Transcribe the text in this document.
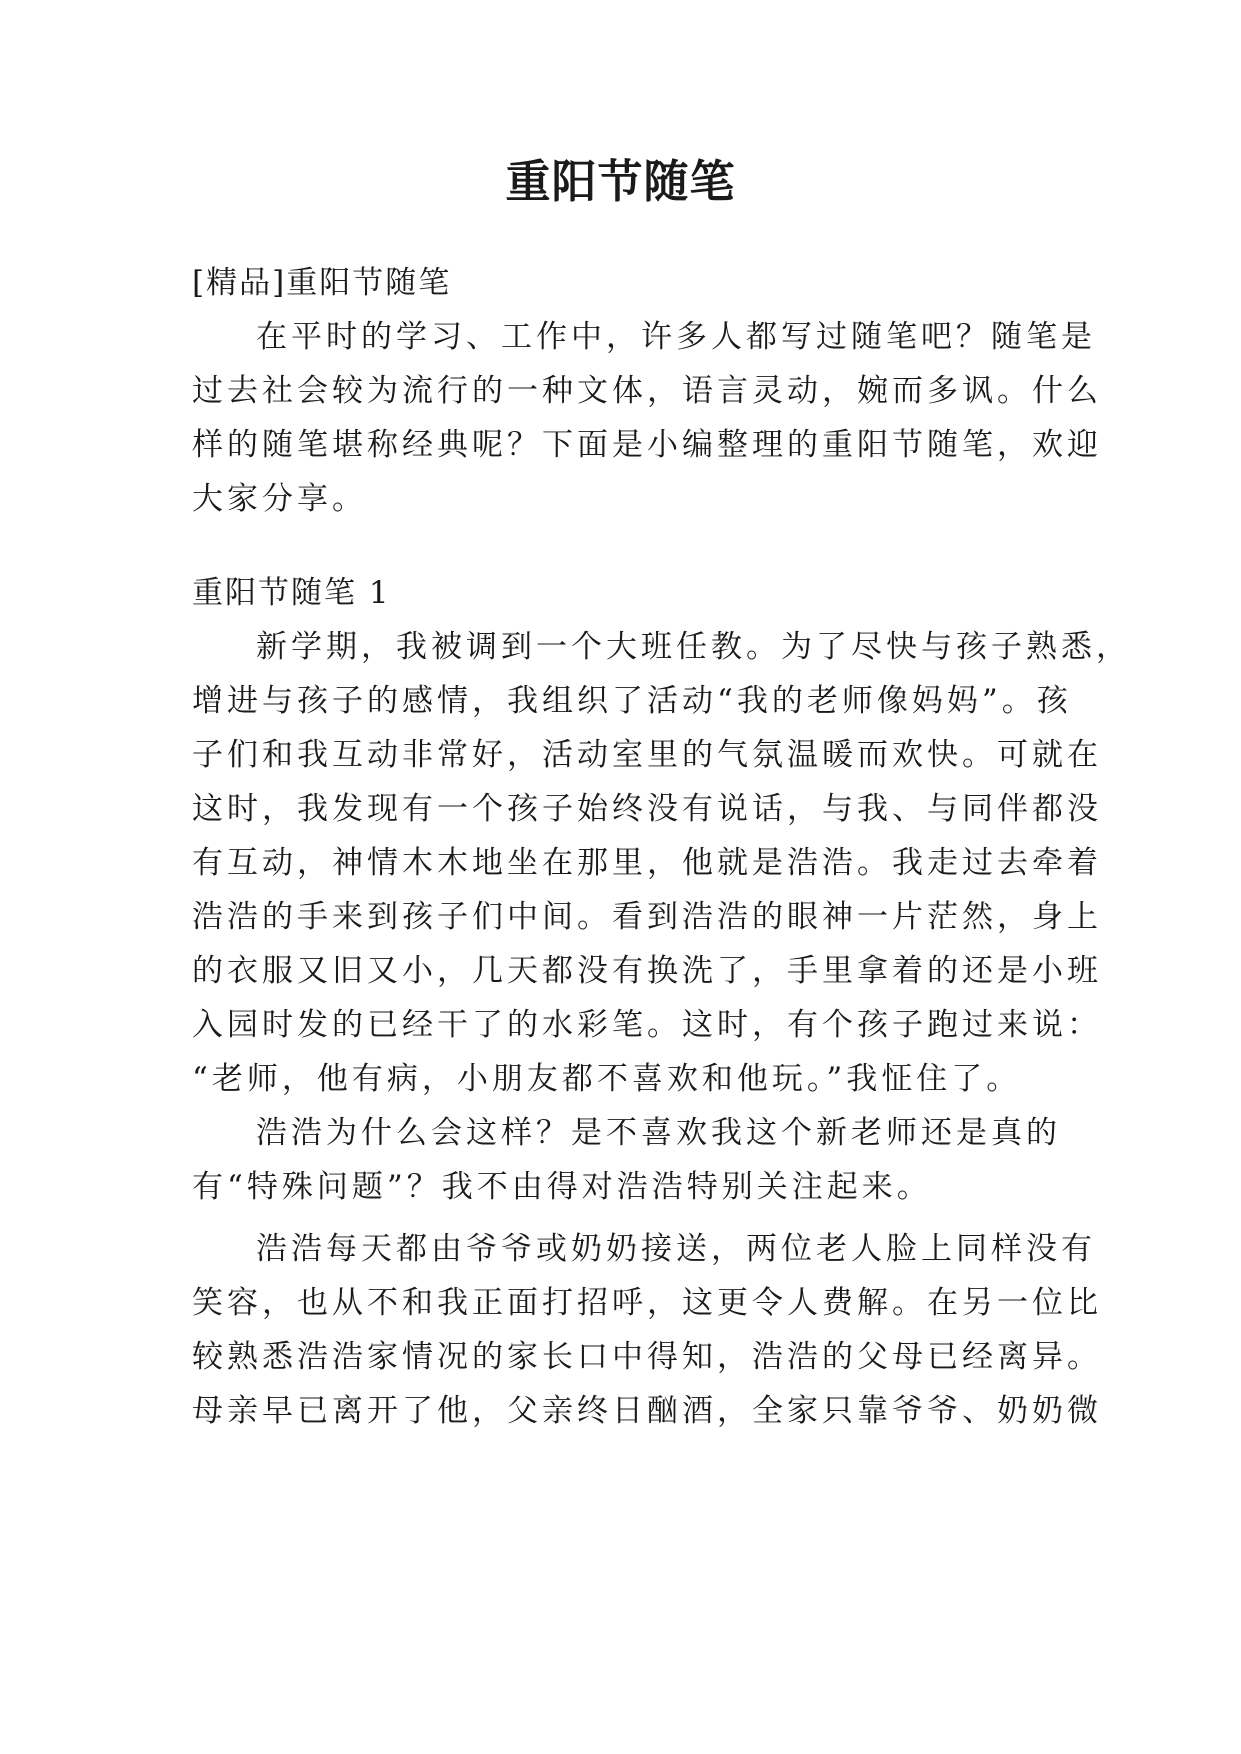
重阳节随笔
[精品]重阳节随笔
在平时的学习、工作中，许多人都写过随笔吧？随笔是
过去社会较为流行的一种文体，语言灵动，婉而多讽。什么
样的随笔堪称经典呢？下面是小编整理的重阳节随笔，欢迎
大家分享。
重阳节随笔 1
新学期，我被调到一个大班任教。为了尽快与孩子熟悉，
增进与孩子的感情，我组织了活动“我的老师像妈妈”。孩
子们和我互动非常好，活动室里的气氛温暖而欢快。可就在
这时，我发现有一个孩子始终没有说话，与我、与同伴都没
有互动，神情木木地坐在那里，他就是浩浩。我走过去牵着
浩浩的手来到孩子们中间。看到浩浩的眼神一片茫然，身上
的衣服又旧又小，几天都没有换洗了，手里拿着的还是小班
入园时发的已经干了的水彩笔。这时，有个孩子跑过来说：
“老师，他有病，小朋友都不喜欢和他玩。”我怔住了。
浩浩为什么会这样？是不喜欢我这个新老师还是真的
有“特殊问题”？我不由得对浩浩特别关注起来。
浩浩每天都由爷爷或奶奶接送，两位老人脸上同样没有
笑容，也从不和我正面打招呼，这更令人费解。在另一位比
较熟悉浩浩家情况的家长口中得知，浩浩的父母已经离异。
母亲早已离开了他，父亲终日酗酒，全家只靠爷爷、奶奶微
